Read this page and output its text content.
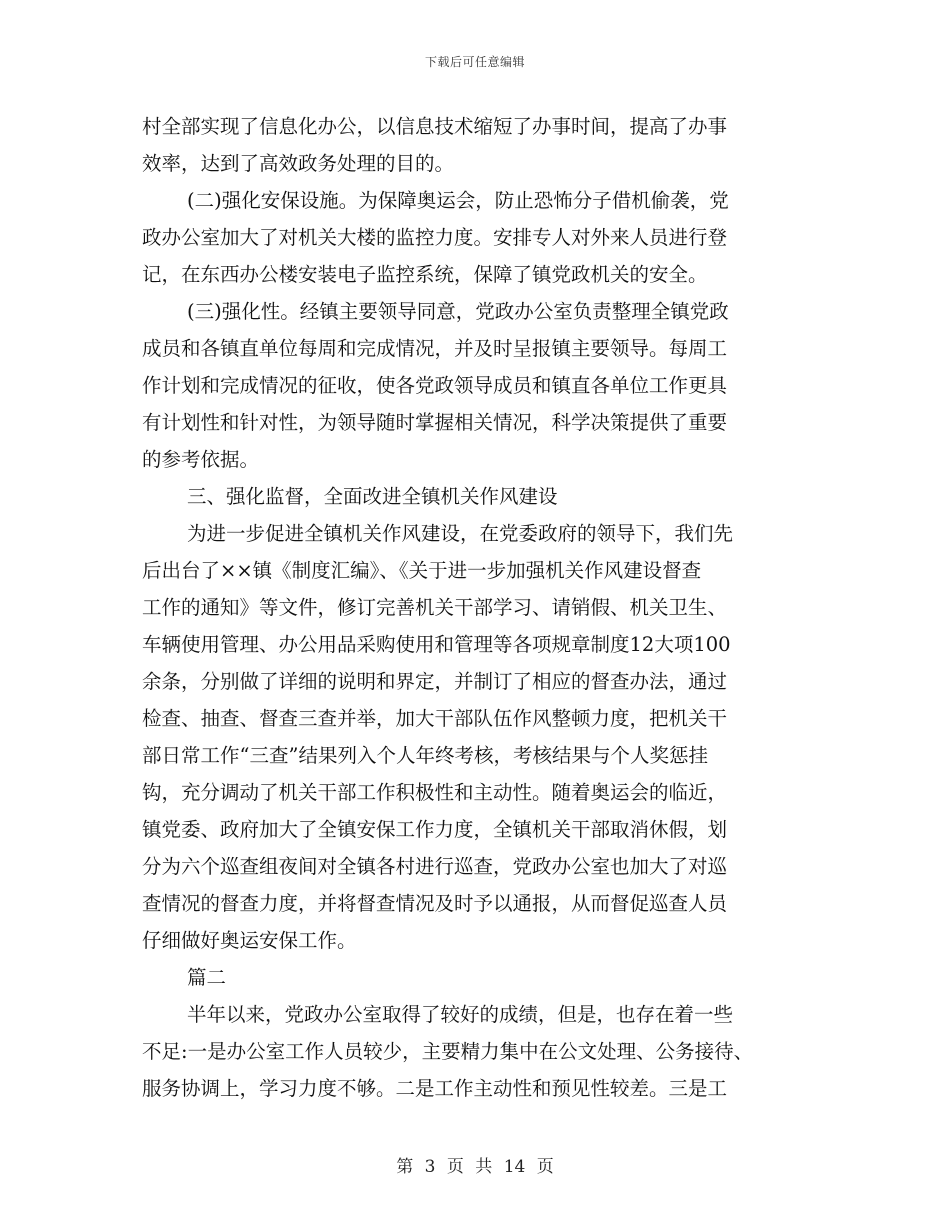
下载后可任意编辑
村全部实现了信息化办公，以信息技术缩短了办事时间，提高了办事
效率，达到了高效政务处理的目的。
(二)强化安保设施。为保障奥运会，防止恐怖分子借机偷袭，党
政办公室加大了对机关大楼的监控力度。安排专人对外来人员进行登
记，在东西办公楼安装电子监控系统，保障了镇党政机关的安全。
(三)强化性。经镇主要领导同意，党政办公室负责整理全镇党政
成员和各镇直单位每周和完成情况，并及时呈报镇主要领导。每周工
作计划和完成情况的征收，使各党政领导成员和镇直各单位工作更具
有计划性和针对性，为领导随时掌握相关情况，科学决策提供了重要
的参考依据。
三、强化监督，全面改进全镇机关作风建设
为进一步促进全镇机关作风建设，在党委政府的领导下，我们先
后出台了××镇《制度汇编》、《关于进一步加强机关作风建设督查
工作的通知》等文件，修订完善机关干部学习、请销假、机关卫生、
车辆使用管理、办公用品采购使用和管理等各项规章制度12大项100
余条，分别做了详细的说明和界定，并制订了相应的督查办法，通过
检查、抽查、督查三查并举，加大干部队伍作风整顿力度，把机关干
部日常工作“三查”结果列入个人年终考核，考核结果与个人奖惩挂
钩，充分调动了机关干部工作积极性和主动性。随着奥运会的临近，
镇党委、政府加大了全镇安保工作力度，全镇机关干部取消休假，划
分为六个巡查组夜间对全镇各村进行巡查，党政办公室也加大了对巡
查情况的督查力度，并将督查情况及时予以通报，从而督促巡查人员
仔细做好奥运安保工作。
篇二
半年以来，党政办公室取得了较好的成绩，但是，也存在着一些
不足:一是办公室工作人员较少，主要精力集中在公文处理、公务接待、
服务协调上，学习力度不够。二是工作主动性和预见性较差。三是工
第 3 页 共 14 页
